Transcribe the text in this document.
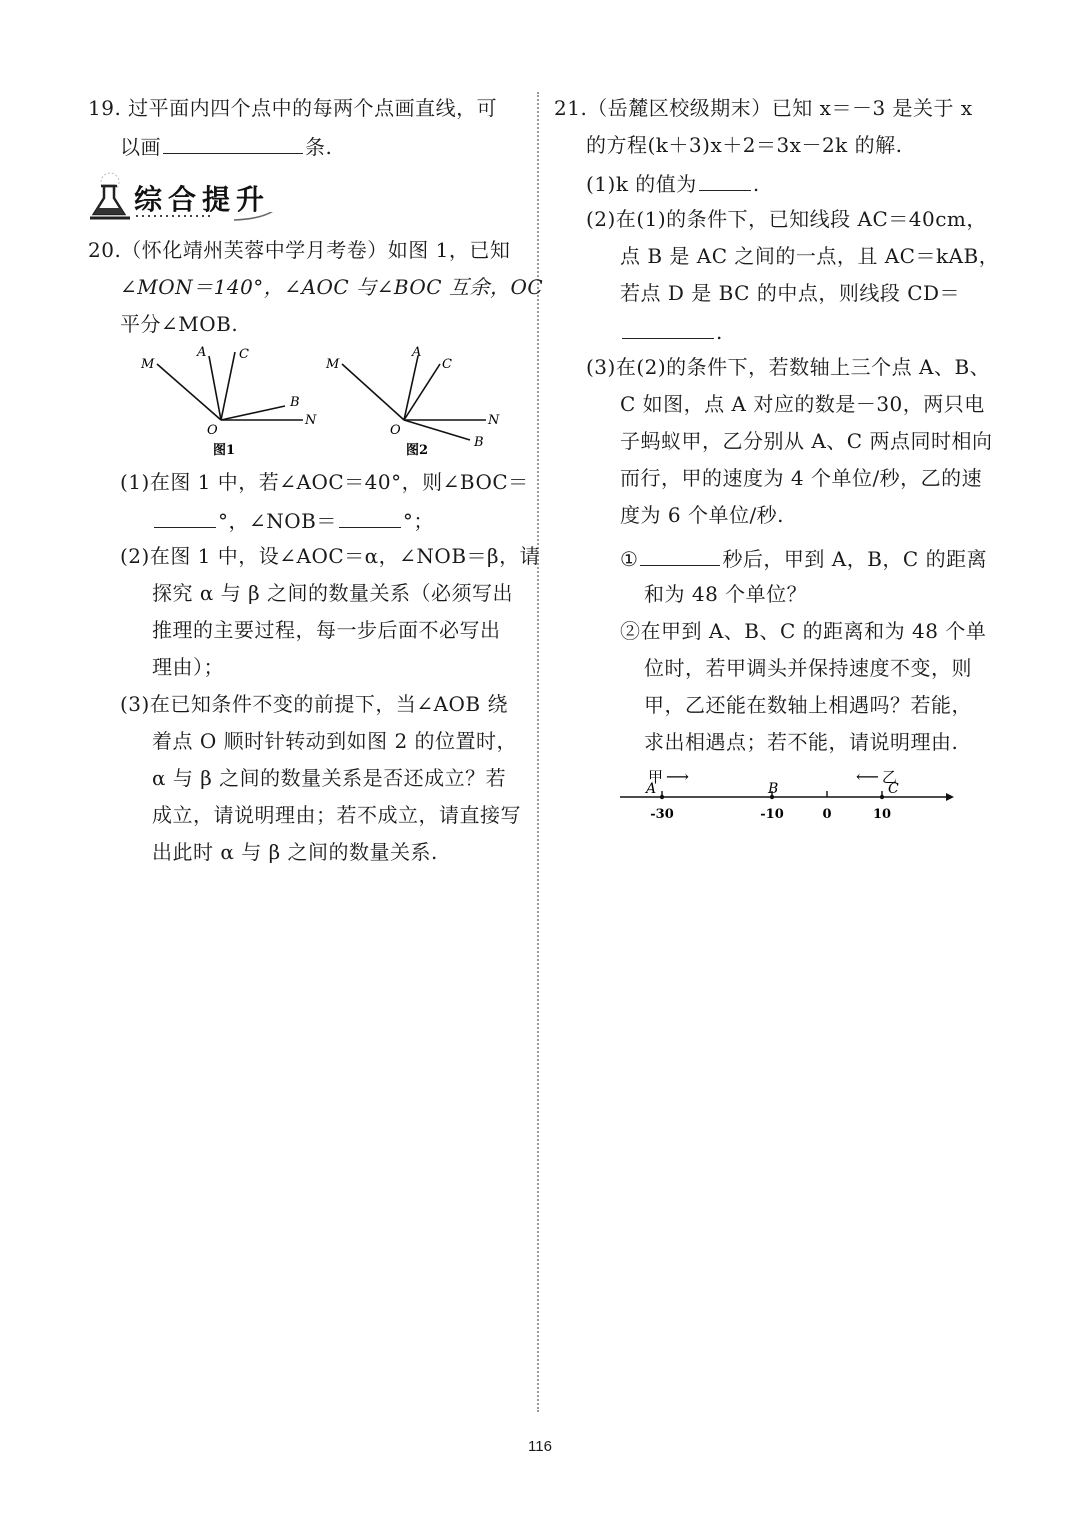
19. 过平面内四个点中的每两个点画直线，可
以画	条.
综合提升
20.（怀化靖州芙蓉中学月考卷）如图 1，已知
∠MON＝140°，∠AOC 与∠BOC 互余，OC
平分∠MOB.
M
A	C
O
B
N
图1
M
A
C
O
N
B
图2
(1)在图 1 中，若∠AOC＝40°，则∠BOC＝
°，∠NOB＝	°；
(2)在图 1 中，设∠AOC＝α，∠NOB＝β，请
探究 α 与 β 之间的数量关系（必须写出
推理的主要过程，每一步后面不必写出
理由）；
(3)在已知条件不变的前提下，当∠AOB 绕
着点 O 顺时针转动到如图 2 的位置时，
α 与 β 之间的数量关系是否还成立？若
成立，请说明理由；若不成立，请直接写
出此时 α 与 β 之间的数量关系.
21.（岳麓区校级期末）已知 x＝－3 是关于 x
的方程(k＋3)x＋2＝3x－2k 的解.
(1)k 的值为	.
(2)在(1)的条件下，已知线段 AC＝40cm，
点 B 是 AC 之间的一点，且 AC＝kAB，
若点 D 是 BC 的中点，则线段 CD＝
.
(3)在(2)的条件下，若数轴上三个点 A、B、
C 如图，点 A 对应的数是－30，两只电
子蚂蚁甲，乙分别从 A、C 两点同时相向
而行，甲的速度为 4 个单位/秒，乙的速
度为 6 个单位/秒.
①	秒后，甲到 A，B，C 的距离
和为 48 个单位？
②在甲到 A、B、C 的距离和为 48 个单
位时，若甲调头并保持速度不变，则
甲，乙还能在数轴上相遇吗？若能，
求出相遇点；若不能，请说明理由.
A
-30
B
-10	0
C
10
甲 ⟶	⟵ 乙
116
